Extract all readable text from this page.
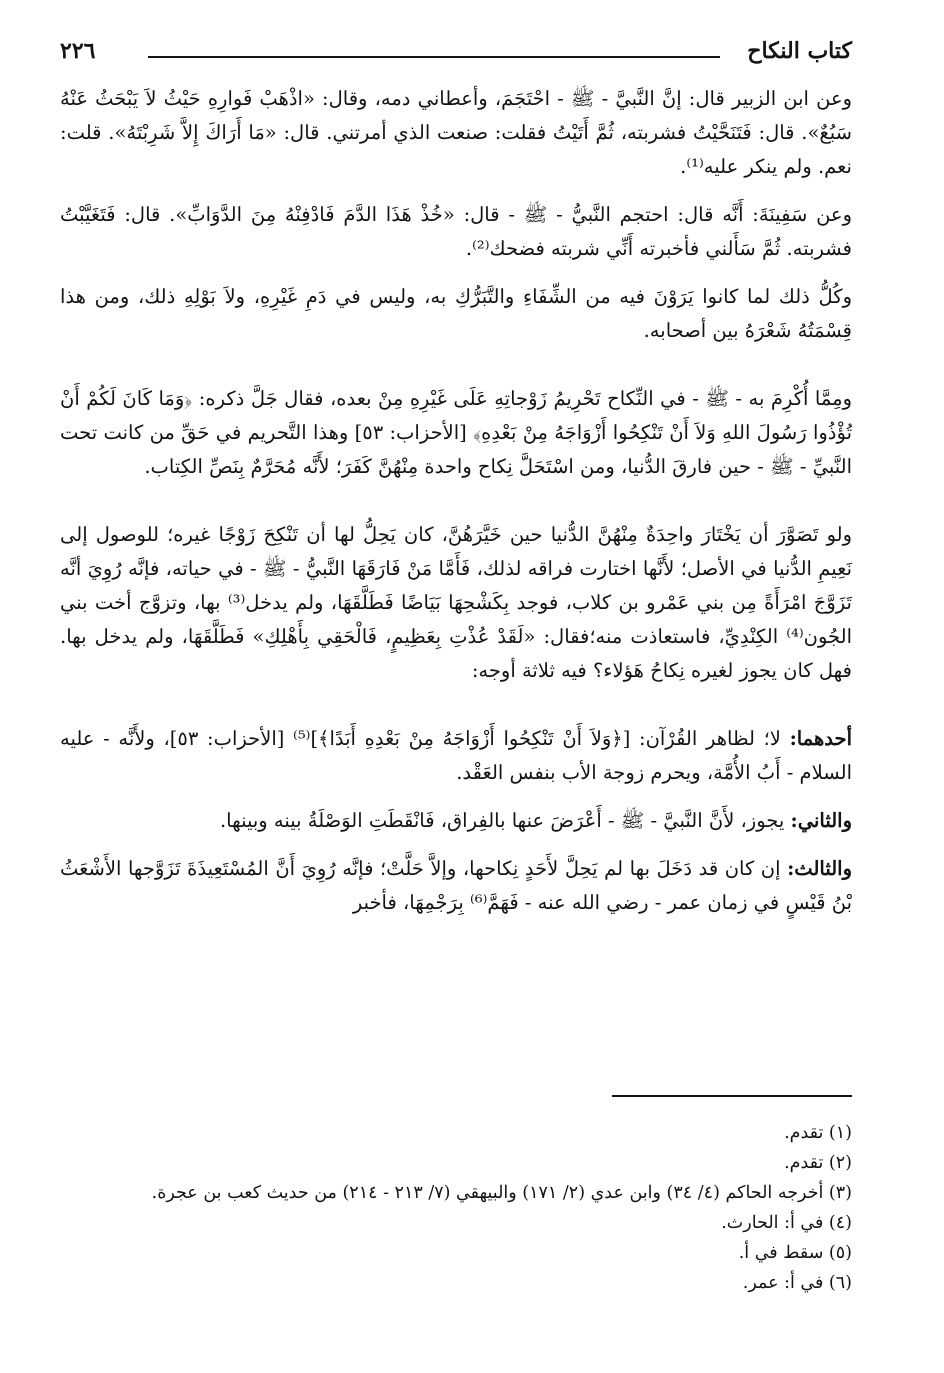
كتاب النكاح
٢٢٦

وعن ابن الزبير قال: إنَّ النَّبيَّ - ﷺ - احْتَجَمَ، وأعطاني دمه، وقال: «اذْهَبْ فَوارِهِ حَيْثُ لاَ يَبْحَثُ عَنْهُ سَبُعٌ». قال: فَتَنَحَّيْتُ فشربته، ثُمَّ أَتَيْتُ فقلت: صنعت الذي أمرتني. قال: «مَا أَرَاكَ إِلاَّ شَرِبْتَهُ». قلت: نعم. ولم ينكر عليه⁽¹⁾.

وعن سَفِينَةَ: أَنَّه قال: احتجم النَّبيُّ - ﷺ - قال: «خُذْ هَذَا الدَّمَ فَادْفِنْهُ مِنَ الدَّوَابِّ». قال: فَتَغَيَّبْتُ فشربته. ثُمَّ سَأَلني فأخبرته أَنِّي شربته فضحك⁽²⁾.

وكُلُّ ذلك لما كانوا يَرَوْنَ فيه من الشِّفَاءِ والتَّبَرُّكِ به، وليس في دَمِ غَيْرِهِ، ولاَ بَوْلِهِ ذلك، ومن هذا قِسْمَتُهُ شَعْرَهُ بين أصحابه.

ومِمَّا أُكْرِمَ به - ﷺ - في النِّكاح تَحْرِيمُ زَوْجاتِهِ عَلَى غَيْرِهِ مِنْ بعده، فقال جَلَّ ذكره: ﴿وَمَا كَانَ لَكُمْ أَنْ تُؤْذُوا رَسُولَ اللهِ وَلاَ أَنْ تَنْكِحُوا أَزْوَاجَهُ مِنْ بَعْدِهِ﴾ [الأحزاب: ٥٣] وهذا التَّحريم في حَقِّ من كانت تحت النَّبيِّ - ﷺ - حين فارقَ الدُّنيا، ومن اسْتَحَلَّ نِكاح واحدة مِنْهُنَّ كَفَرَ؛ لأَنَّه مُحَرَّمٌ بِنَصِّ الكِتاب.

ولو تَصَوَّرَ أن يَخْتَارَ واحِدَةٌ مِنْهُنَّ الدُّنيا حين خَيَّرَهُنَّ، كان يَحِلُّ لها أن تَنْكِحَ زَوْجًا غيره؛ للوصول إلى نَعِيمِ الدُّنيا في الأصل؛ لأَنَّها اختارت فراقه لذلك، فَأَمَّا مَنْ فَارَقَهَا النَّبيُّ - ﷺ - في حياته، فإنَّه رُوِيَ أنَّه تَزَوَّجَ امْرَأَةً مِن بني عَمْرو بن كلاب، فوجد بِكَشْحِهَا بَيَاضًا فَطَلَّقَهَا، ولم يدخل⁽³⁾ بها، وتزوَّج أخت بني الجُون⁽⁴⁾ الكِنْدِيِّ، فاستعاذت منه؛فقال: «لَقَدْ عُذْتِ بِعَظِيمٍ، فَالْحَقِي بِأَهْلِكِ» فَطَلَّقَهَا، ولم يدخل بها. فهل كان يجوز لغيره نِكاحُ هَؤلاء؟ فيه ثلاثة أوجه:

أحدهما: لا؛ لظاهر القُرْآن: [﴿وَلاَ أَنْ تَنْكِحُوا أَزْوَاجَهُ مِنْ بَعْدِهِ أَبَدًا﴾]⁽⁵⁾ [الأحزاب: ٥٣]، ولأَنَّه - عليه السلام - أَبُ الأُمَّة، ويحرم زوجة الأب بنفس العَقْد.

والثاني: يجوز، لأَنَّ النَّبيَّ - ﷺ - أَعْرَضَ عنها بالفِراق، فَانْقَطَتِ الوَصْلَةُ بينه وبينها.

والثالث: إن كان قد دَخَلَ بها لم يَحِلَّ لأَحَدٍ نِكاحها، وإلاَّ حَلَّتْ؛ فإنَّه رُوِيَ أَنَّ المُسْتَعِيذَةَ تَزَوَّجها الأَشْعَثُ بْنُ قَيْسٍ في زمان عمر - رضي الله عنه - فَهَمَّ⁽⁶⁾ بِرَجْمِهَا، فأخبر

(١) تقدم.
(٢) تقدم.
(٣) أخرجه الحاكم (٤/ ٣٤) وابن عدي (٢/ ١٧١) والبيهقي (٧/ ٢١٣ - ٢١٤) من حديث كعب بن عجرة.
(٤) في أ: الحارث.
(٥) سقط في أ.
(٦) في أ: عمر.
